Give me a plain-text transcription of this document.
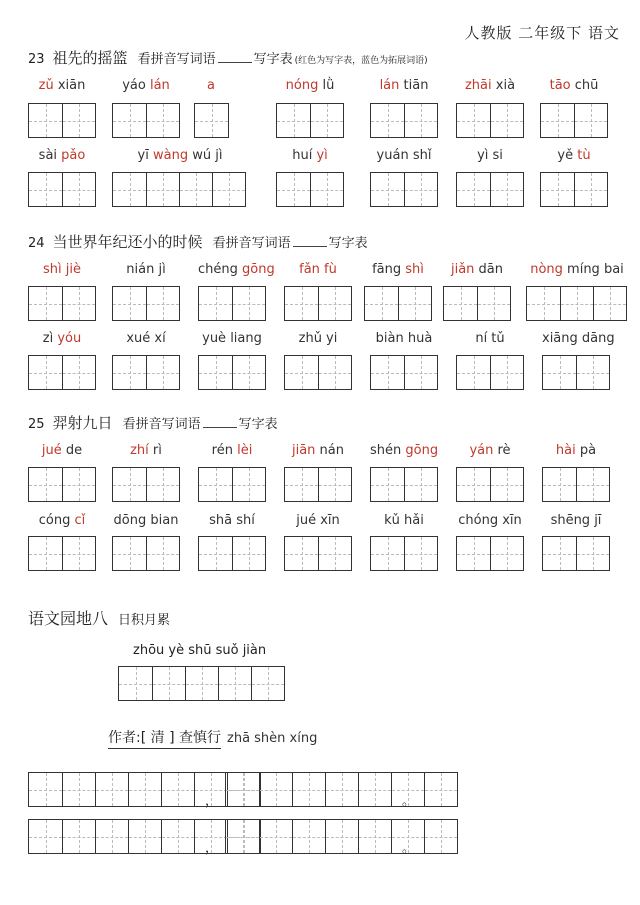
人教版 二年级下 语文
23 祖先的摇篮 看拼音写词语	写字表 (红色为写字表，蓝色为拓展词语)
zǔ xiān	yáo lán	a	nóng lǜ	lán tiān	zhāi xià	tāo chū
sài pǎo	yī wàng wú jì	huí yì	yuán shǐ	yì si	yě tù
24 当世界年纪还小的时候 看拼音写词语	写字表
shì jiè	nián jì	chéng gōng	fǎn fù	fāng shì	jiǎn dān	nòng míng bai
zì yóu	xué xí	yuè liang	zhǔ yi	biàn huà	ní tǔ	xiāng dāng
25 羿射九日 看拼音写词语	写字表
jué de	zhí rì	rén lèi	jiān nán	shén gōng	yán rè	hài pà
cóng cǐ	dōng bian	shā shí	jué xīn	kǔ hǎi	chóng xīn	shēng jī
语文园地八 日积月累
zhōu yè shū suǒ jiàn
作者:[ 清 ] 查慎行 zhā shèn xíng
，	。
，	。
